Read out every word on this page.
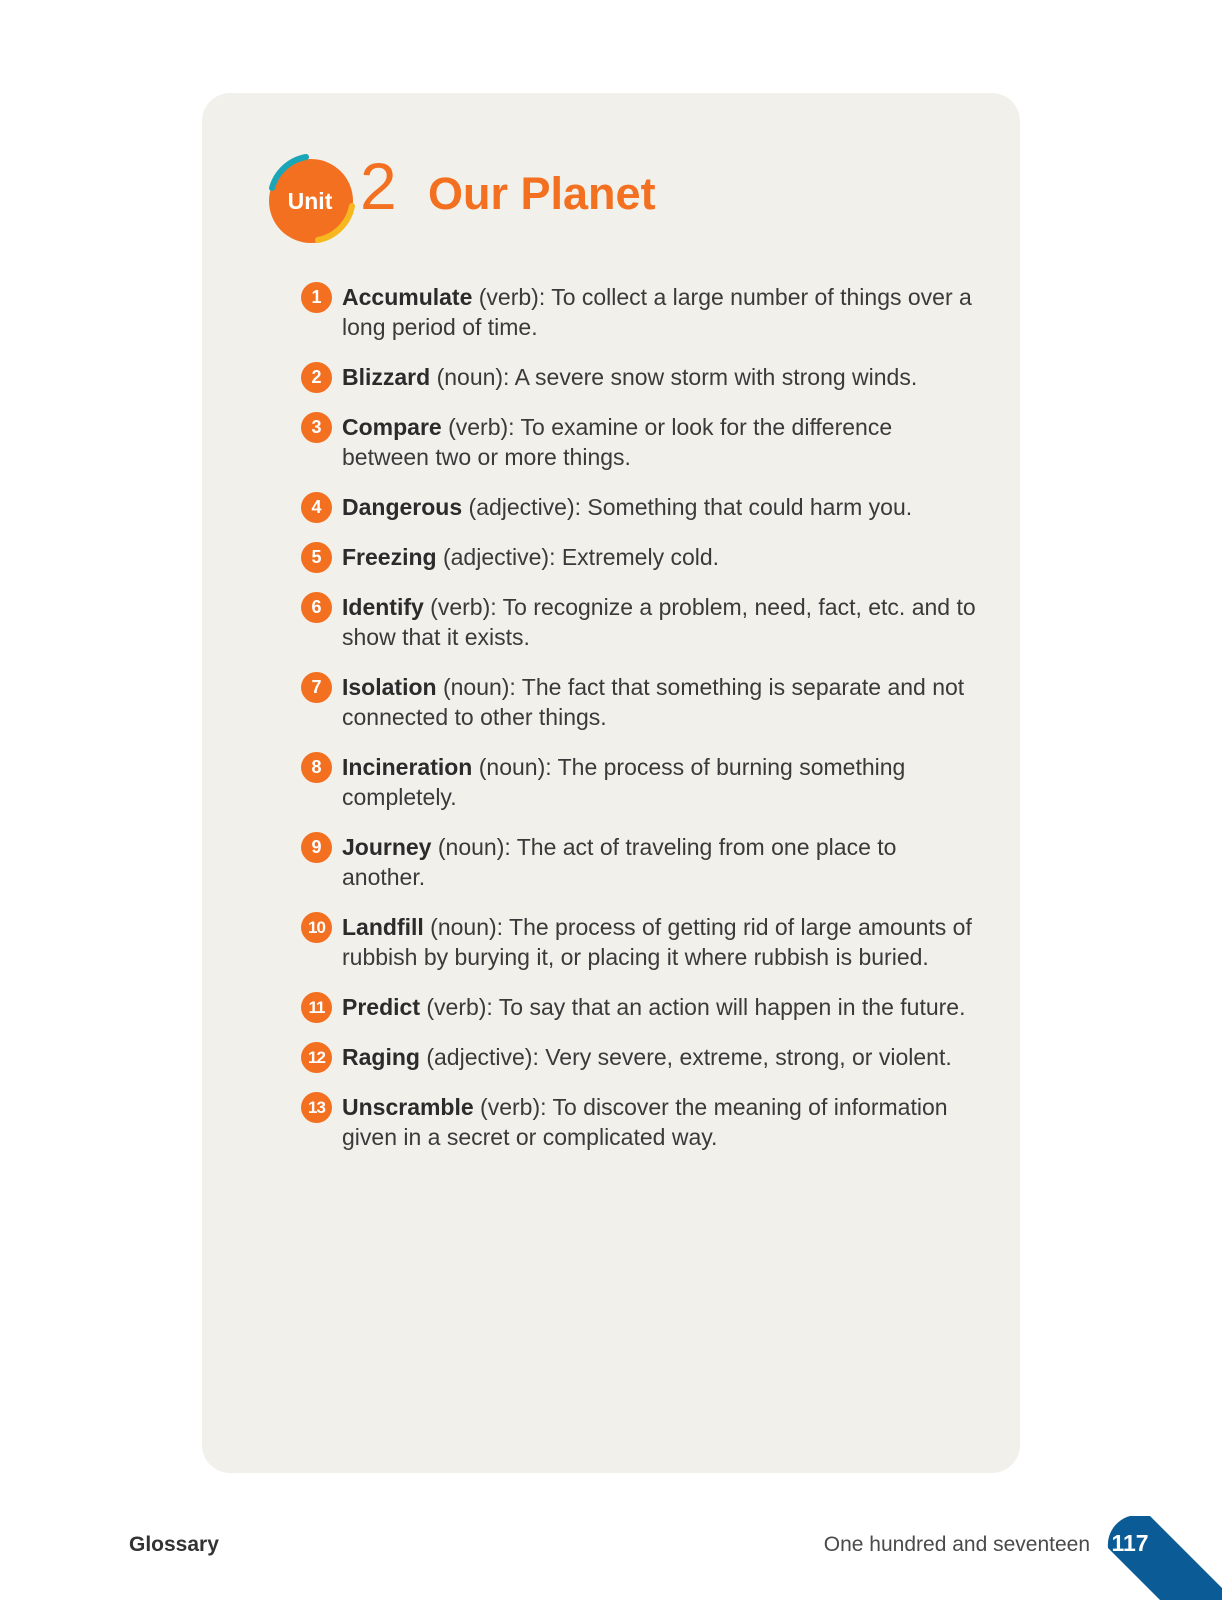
Unit 2 Our Planet
1 Accumulate (verb): To collect a large number of things over a long period of time.
2 Blizzard (noun): A severe snow storm with strong winds.
3 Compare (verb): To examine or look for the difference between two or more things.
4 Dangerous (adjective): Something that could harm you.
5 Freezing (adjective): Extremely cold.
6 Identify (verb): To recognize a problem, need, fact, etc. and to show that it exists.
7 Isolation (noun): The fact that something is separate and not connected to other things.
8 Incineration (noun): The process of burning something completely.
9 Journey (noun): The act of traveling from one place to another.
10 Landfill (noun): The process of getting rid of large amounts of rubbish by burying it, or placing it where rubbish is buried.
11 Predict (verb): To say that an action will happen in the future.
12 Raging (adjective): Very severe, extreme, strong, or violent.
13 Unscramble (verb): To discover the meaning of information given in a secret or complicated way.
Glossary	One hundred and seventeen 117
